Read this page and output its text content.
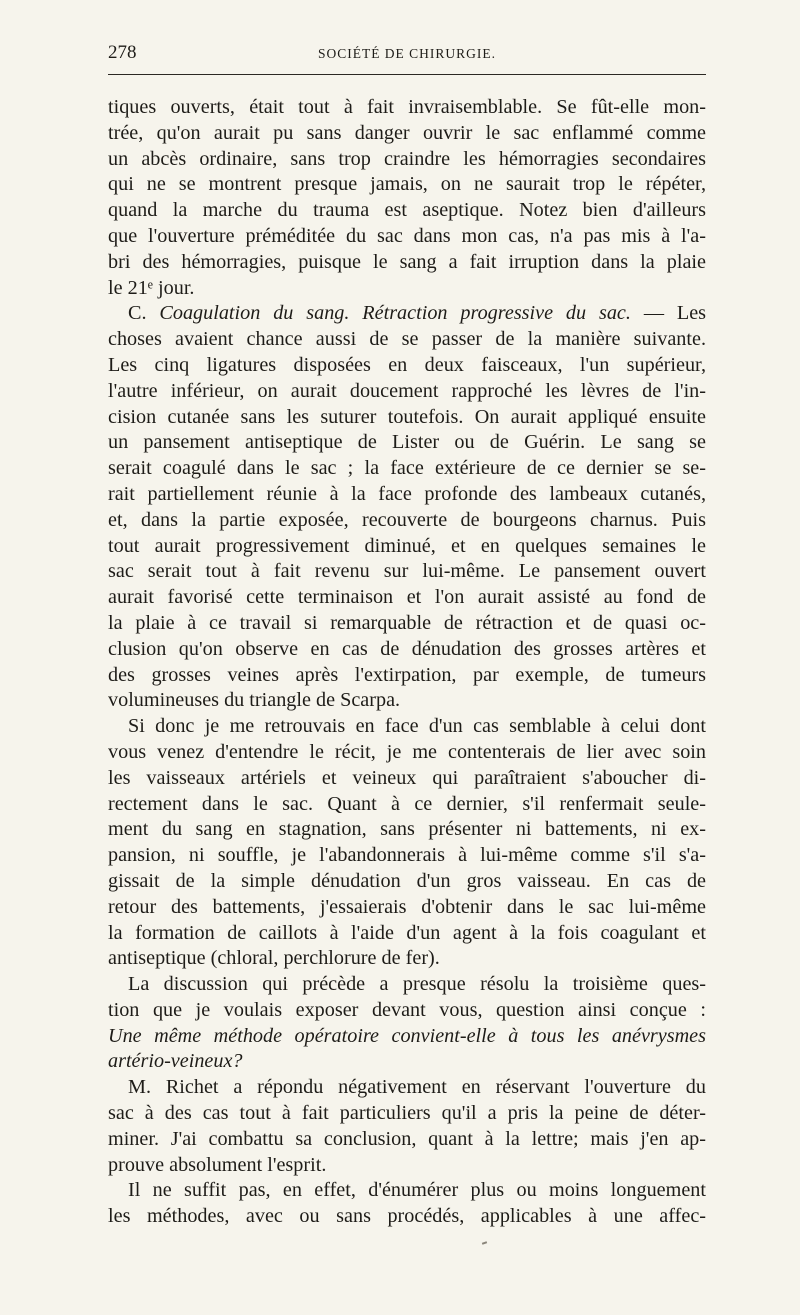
278	SOCIÉTÉ DE CHIRURGIE.
tiques ouverts, était tout à fait invraisemblable. Se fût-elle mon-
trée, qu'on aurait pu sans danger ouvrir le sac enflammé comme
un abcès ordinaire, sans trop craindre les hémorragies secondaires
qui ne se montrent presque jamais, on ne saurait trop le répéter,
quand la marche du trauma est aseptique. Notez bien d'ailleurs
que l'ouverture préméditée du sac dans mon cas, n'a pas mis à l'a-
bri des hémorragies, puisque le sang a fait irruption dans la plaie
le 21ᵉ jour.
C. Coagulation du sang. Rétraction progressive du sac. — Les
choses avaient chance aussi de se passer de la manière suivante.
Les cinq ligatures disposées en deux faisceaux, l'un supérieur,
l'autre inférieur, on aurait doucement rapproché les lèvres de l'in-
cision cutanée sans les suturer toutefois. On aurait appliqué ensuite
un pansement antiseptique de Lister ou de Guérin. Le sang se
serait coagulé dans le sac ; la face extérieure de ce dernier se se-
rait partiellement réunie à la face profonde des lambeaux cutanés,
et, dans la partie exposée, recouverte de bourgeons charnus. Puis
tout aurait progressivement diminué, et en quelques semaines le
sac serait tout à fait revenu sur lui-même. Le pansement ouvert
aurait favorisé cette terminaison et l'on aurait assisté au fond de
la plaie à ce travail si remarquable de rétraction et de quasi oc-
clusion qu'on observe en cas de dénudation des grosses artères et
des grosses veines après l'extirpation, par exemple, de tumeurs
volumineuses du triangle de Scarpa.
Si donc je me retrouvais en face d'un cas semblable à celui dont
vous venez d'entendre le récit, je me contenterais de lier avec soin
les vaisseaux artériels et veineux qui paraîtraient s'aboucher di-
rectement dans le sac. Quant à ce dernier, s'il renfermait seule-
ment du sang en stagnation, sans présenter ni battements, ni ex-
pansion, ni souffle, je l'abandonnerais à lui-même comme s'il s'a-
gissait de la simple dénudation d'un gros vaisseau. En cas de
retour des battements, j'essaierais d'obtenir dans le sac lui-même
la formation de caillots à l'aide d'un agent à la fois coagulant et
antiseptique (chloral, perchlorure de fer).
La discussion qui précède a presque résolu la troisième ques-
tion que je voulais exposer devant vous, question ainsi conçue :
Une même méthode opératoire convient-elle à tous les anévrysmes
artério-veineux?
M. Richet a répondu négativement en réservant l'ouverture du
sac à des cas tout à fait particuliers qu'il a pris la peine de déter-
miner. J'ai combattu sa conclusion, quant à la lettre; mais j'en ap-
prouve absolument l'esprit.
Il ne suffit pas, en effet, d'énumérer plus ou moins longuement
les méthodes, avec ou sans procédés, applicables à une affec-
